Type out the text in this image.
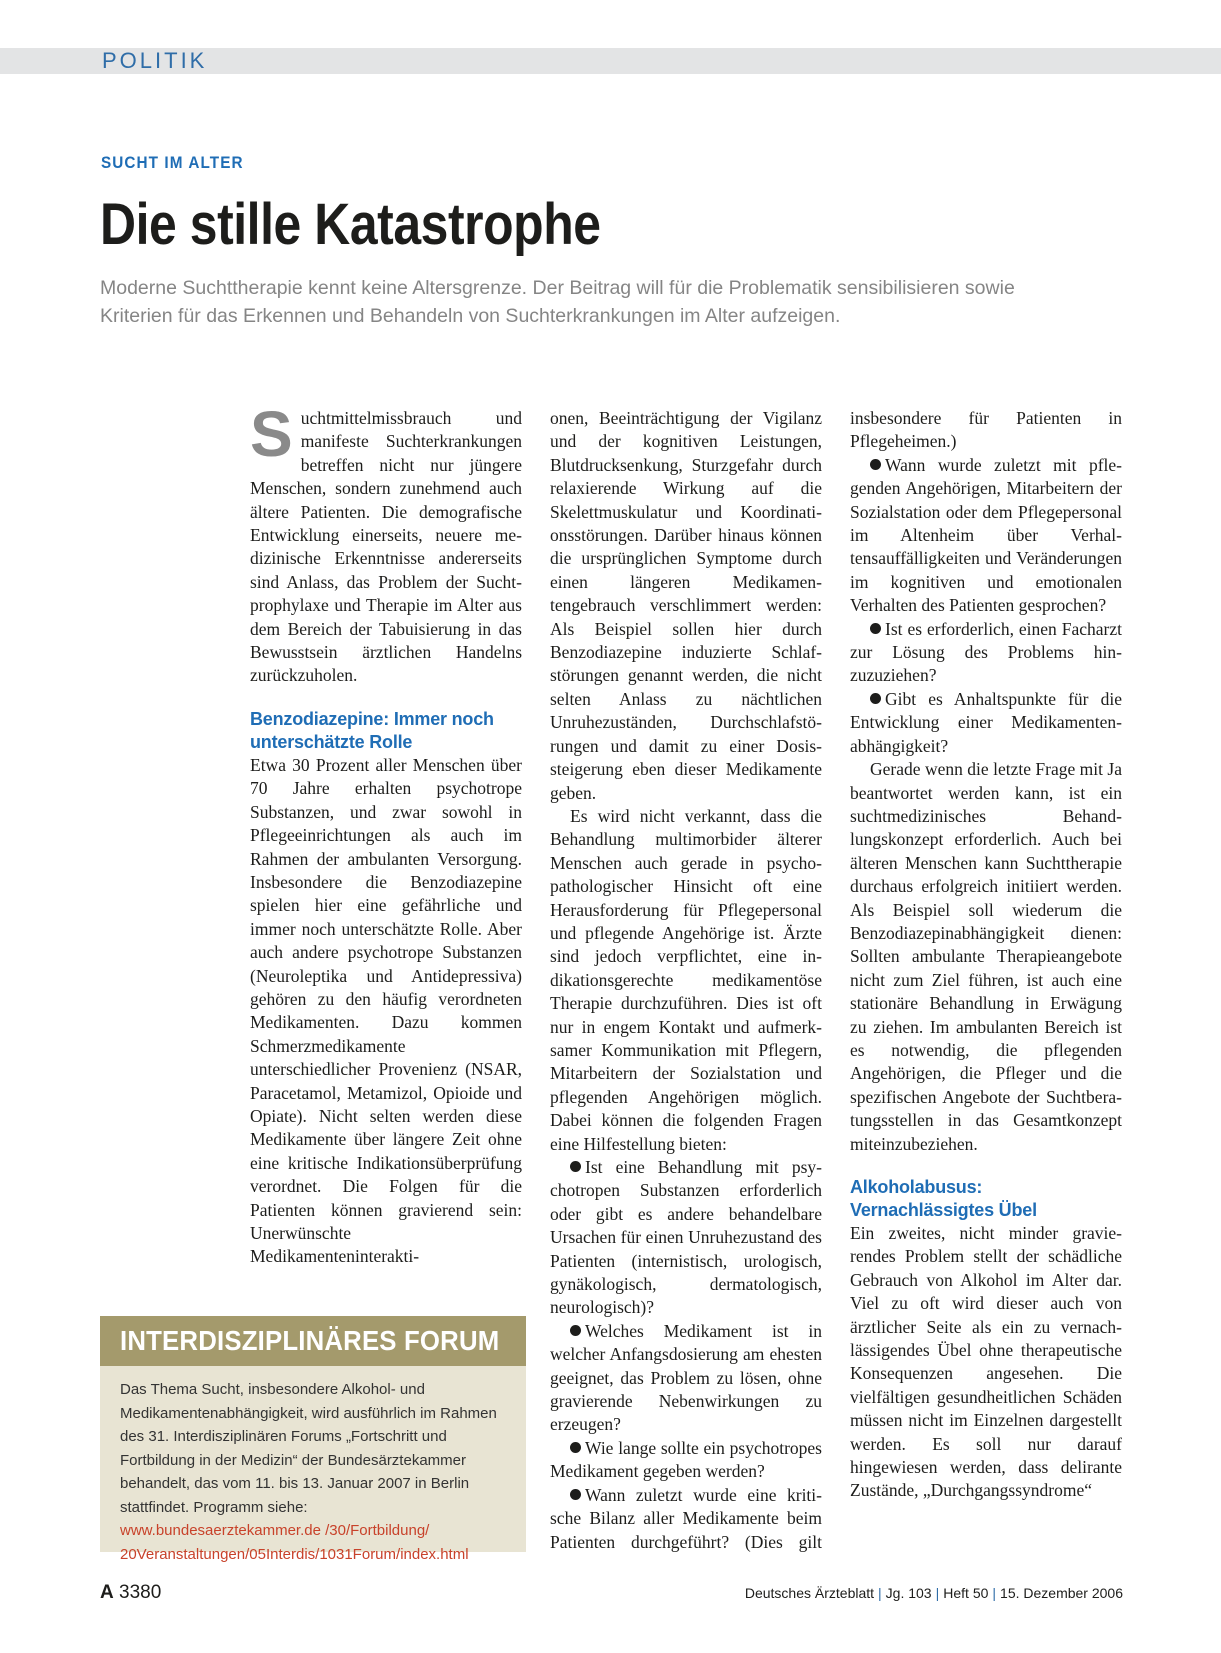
POLITIK
SUCHT IM ALTER
Die stille Katastrophe

Moderne Suchttherapie kennt keine Altersgrenze. Der Beitrag will für die Problematik sensibilisieren sowie Kriterien für das Erkennen und Behandeln von Suchterkrankungen im Alter aufzeigen.

Suchtmittelmissbrauch und manifeste Suchterkrankungen betreffen nicht nur jüngere Menschen, sondern zunehmend auch ältere Patienten. Die demografische Entwicklung einerseits, neuere medizinische Erkenntnisse andererseits sind Anlass, das Problem der Suchtprophylaxe und Therapie im Alter aus dem Bereich der Tabuisierung in das Bewusstsein ärztlichen Handelns zurückzuholen.

Benzodiazepine: Immer noch unterschätzte Rolle

Etwa 30 Prozent aller Menschen über 70 Jahre erhalten psychotrope Substanzen, und zwar sowohl in Pflegeeinrichtungen als auch im Rahmen der ambulanten Versorgung. Insbesondere die Benzodiazepine spielen hier eine gefährliche und immer noch unterschätzte Rolle. Aber auch andere psychotrope Substanzen (Neuroleptika und Antidepressiva) gehören zu den häufig verordneten Medikamenten. Dazu kommen Schmerzmedikamente unterschiedlicher Provenienz (NSAR, Paracetamol, Metamizol, Opioide und Opiate). Nicht selten werden diese Medikamente über längere Zeit ohne eine kritische Indikationsüberprüfung verordnet. Die Folgen für die Patienten können gravierend sein: Unerwünschte Medikamenteninterakti-

onen, Beeinträchtigung der Vigilanz und der kognitiven Leistungen, Blutdrucksenkung, Sturzgefahr durch relaxierende Wirkung auf die Skelettmuskulatur und Koordinationsstörungen. Darüber hinaus können die ursprünglichen Symptome durch einen längeren Medikamentengebrauch verschlimmert werden: Als Beispiel sollen hier durch Benzodiazepine induzierte Schlafstörungen genannt werden, die nicht selten Anlass zu nächtlichen Unruhezuständen, Durchschlafstörungen und damit zu einer Dosissteigerung eben dieser Medikamente geben.

Es wird nicht verkannt, dass die Behandlung multimorbider älterer Menschen auch gerade in psychopathologischer Hinsicht oft eine Herausforderung für Pflegepersonal und pflegende Angehörige ist. Ärzte sind jedoch verpflichtet, eine indikationsgerechte medikamentöse Therapie durchzuführen. Dies ist oft nur in engem Kontakt und aufmerksamer Kommunikation mit Pflegern, Mitarbeitern der Sozialstation und pflegenden Angehörigen möglich. Dabei können die folgenden Fragen eine Hilfestellung bieten:

Ist eine Behandlung mit psychotropen Substanzen erforderlich oder gibt es andere behandelbare Ursachen für einen Unruhezustand des Patienten (internistisch, urologisch, gynäkologisch, dermatologisch, neurologisch)?

Welches Medikament ist in welcher Anfangsdosierung am ehesten geeignet, das Problem zu lösen, ohne gravierende Nebenwirkungen zu erzeugen?

Wie lange sollte ein psychotropes Medikament gegeben werden?

Wann zuletzt wurde eine kritische Bilanz aller Medikamente beim Patienten durchgeführt? (Dies gilt insbesondere für Patienten in Pflegeheimen.)

Wann wurde zuletzt mit pflegenden Angehörigen, Mitarbeitern der Sozialstation oder dem Pflegepersonal im Altenheim über Verhaltensauffälligkeiten und Veränderungen im kognitiven und emotionalen Verhalten des Patienten gesprochen?

Ist es erforderlich, einen Facharzt zur Lösung des Problems hinzuzuziehen?

Gibt es Anhaltspunkte für die Entwicklung einer Medikamentenabhängigkeit?

Gerade wenn die letzte Frage mit Ja beantwortet werden kann, ist ein suchtmedizinisches Behandlungskonzept erforderlich. Auch bei älteren Menschen kann Suchttherapie durchaus erfolgreich initiiert werden. Als Beispiel soll wiederum die Benzodiazepinabhängigkeit dienen: Sollten ambulante Therapieangebote nicht zum Ziel führen, ist auch eine stationäre Behandlung in Erwägung zu ziehen. Im ambulanten Bereich ist es notwendig, die pflegenden Angehörigen, die Pfleger und die spezifischen Angebote der Suchtberatungsstellen in das Gesamtkonzept miteinzubeziehen.

Alkoholabusus: Vernachlässigtes Übel

Ein zweites, nicht minder gravierendes Problem stellt der schädliche Gebrauch von Alkohol im Alter dar. Viel zu oft wird dieser auch von ärztlicher Seite als ein zu vernachlässigendes Übel ohne therapeutische Konsequenzen angesehen. Die vielfältigen gesundheitlichen Schäden müssen nicht im Einzelnen dargestellt werden. Es soll nur darauf hingewiesen werden, dass delirante Zustände, „Durchgangssyndrome“

INTERDISZIPLINÄRES FORUM
Das Thema Sucht, insbesondere Alkohol- und Medikamentenabhängigkeit, wird ausführlich im Rahmen des 31. Interdisziplinären Forums „Fortschritt und Fortbildung in der Medizin“ der Bundesärztekammer behandelt, das vom 11. bis 13. Januar 2007 in Berlin stattfindet. Programm siehe:
www.bundesaerztekammer.de /30/Fortbildung/ 20Veranstaltungen/05Interdis/1031Forum/index.html
A 3380	Deutsches Ärzteblatt | Jg. 103 | Heft 50 | 15. Dezember 2006
